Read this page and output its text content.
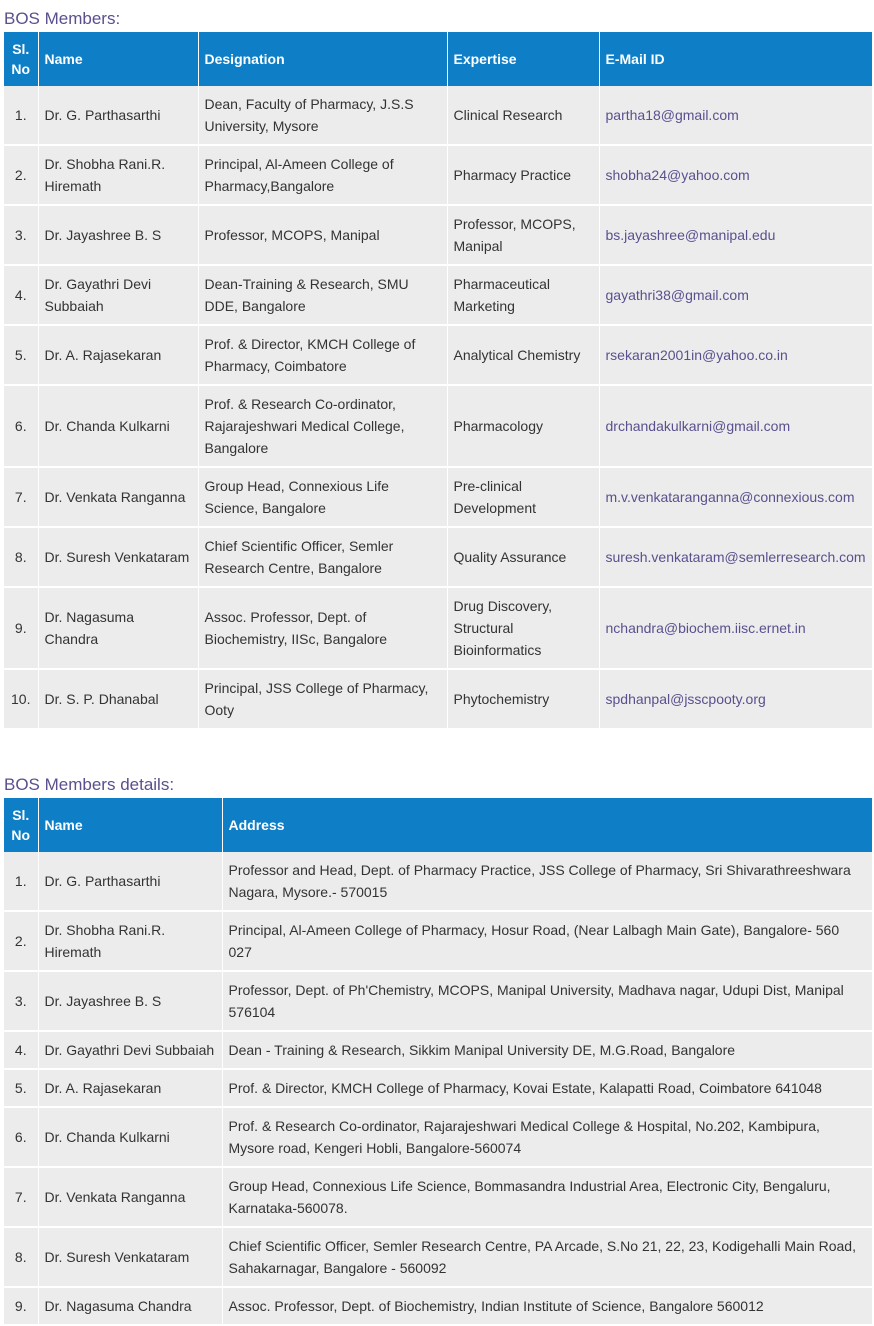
BOS Members:
Sl. No	Name	Designation	Expertise	E-Mail ID
1.	Dr. G. Parthasarthi	Dean, Faculty of Pharmacy, J.S.S University, Mysore	Clinical Research	partha18@gmail.com
2.	Dr. Shobha Rani.R. Hiremath	Principal, Al-Ameen College of Pharmacy,Bangalore	Pharmacy Practice	shobha24@yahoo.com
3.	Dr. Jayashree B. S	Professor, MCOPS, Manipal	Professor, MCOPS, Manipal	bs.jayashree@manipal.edu
4.	Dr. Gayathri Devi Subbaiah	Dean-Training & Research, SMU DDE, Bangalore	Pharmaceutical Marketing	gayathri38@gmail.com
5.	Dr. A. Rajasekaran	Prof. & Director, KMCH College of Pharmacy, Coimbatore	Analytical Chemistry	rsekaran2001in@yahoo.co.in
6.	Dr. Chanda Kulkarni	Prof. & Research Co-ordinator, Rajarajeshwari Medical College, Bangalore	Pharmacology	drchandakulkarni@gmail.com
7.	Dr. Venkata Ranganna	Group Head, Connexious Life Science, Bangalore	Pre-clinical Development	m.v.venkataranganna@connexious.com
8.	Dr. Suresh Venkataram	Chief Scientific Officer, Semler Research Centre, Bangalore	Quality Assurance	suresh.venkataram@semlerresearch.com
9.	Dr. Nagasuma Chandra	Assoc. Professor, Dept. of Biochemistry, IISc, Bangalore	Drug Discovery, Structural Bioinformatics	nchandra@biochem.iisc.ernet.in
10.	Dr. S. P. Dhanabal	Principal, JSS College of Pharmacy, Ooty	Phytochemistry	spdhanpal@jsscpooty.org
BOS Members details:
Sl. No	Name	Address
1.	Dr. G. Parthasarthi	Professor and Head, Dept. of Pharmacy Practice, JSS College of Pharmacy, Sri Shivarathreeshwara Nagara, Mysore.- 570015
2.	Dr. Shobha Rani.R. Hiremath	Principal, Al-Ameen College of Pharmacy, Hosur Road, (Near Lalbagh Main Gate), Bangalore- 560 027
3.	Dr. Jayashree B. S	Professor, Dept. of Ph'Chemistry, MCOPS, Manipal University, Madhava nagar, Udupi Dist, Manipal 576104
4.	Dr. Gayathri Devi Subbaiah	Dean - Training & Research, Sikkim Manipal University DE, M.G.Road, Bangalore
5.	Dr. A. Rajasekaran	Prof. & Director, KMCH College of Pharmacy, Kovai Estate, Kalapatti Road, Coimbatore 641048
6.	Dr. Chanda Kulkarni	Prof. & Research Co-ordinator, Rajarajeshwari Medical College & Hospital, No.202, Kambipura, Mysore road, Kengeri Hobli, Bangalore-560074
7.	Dr. Venkata Ranganna	Group Head, Connexious Life Science, Bommasandra Industrial Area, Electronic City, Bengaluru, Karnataka-560078.
8.	Dr. Suresh Venkataram	Chief Scientific Officer, Semler Research Centre, PA Arcade, S.No 21, 22, 23, Kodigehalli Main Road, Sahakarnagar, Bangalore - 560092
9.	Dr. Nagasuma Chandra	Assoc. Professor, Dept. of Biochemistry, Indian Institute of Science, Bangalore 560012
